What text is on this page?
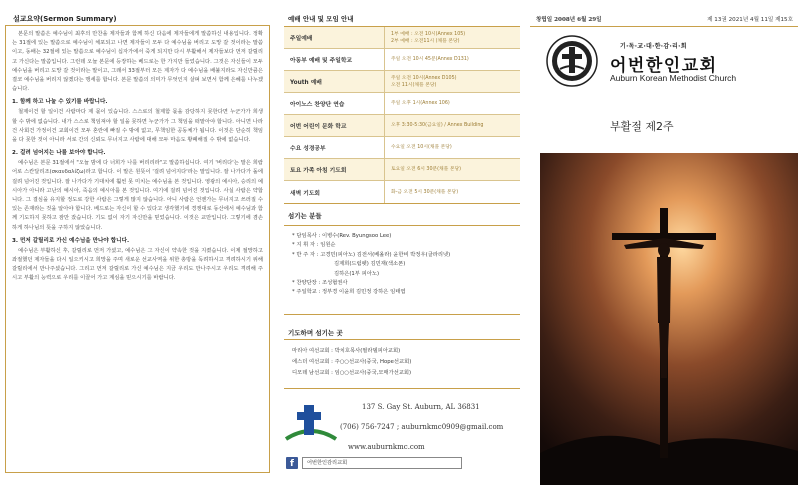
설교요약(Sermon Summary)

본문의 말씀은 예수님이 최후의 만찬을 제자들과 함께 하신 다음에 제자들에게 말씀하신 내용입니다. 정확는 31절에 있는 말씀으로 예수님이 체포되고 나면 제자들이 모두 다 예수님을 버리고 도망 갈 것이라는 말씀이고, 동배는 32절에 있는 말씀으로 예수님이 십자가에서 죽게 되지만 다시 부활해서 제자들보다 먼저 갈릴리고 가신다는 말씀입니다. 그런데 오늘 본문에 등장하는 베드로는 한 가지만 들었습니다. 그것은 자신들이 모두 예수님을 버리고 도망 갈 것이라는 말이고, 그래서 33절부터 모든 제자가 다 예수님을 배불지라도 자신만큼은 결코 예수님을 버리지 않겠다는 맹세를 합니다. 본문 말씀의 의미가 무엇인지 살펴 보면서 함께 은혜를 나누겠습니다.

1. 함께 하고 나눌 수 있기를 바랍니다.

철제이건 할 일이건 사람마다 제 몫이 있습니다. 스스로의 철제함 몫을 감당하지 못한다면 누군가가 희생 할 수 밖에 없습니다. 내가 스스로 책임져야 할 일을 못하면 누군가가 그 책임을 떠맡아야 합니다. 아니면 나라건 사회건 가정이건 교회이건 모두 혼란에 빠질 수 밖에 없고, 무책임한 공동체가 됩니다. 이것은 단순히 책임을 다 못한 것이 아니라 서로 간의 신뢰도 무너지고 사람에 대해 모두 마음도 황폐해질 수 밖에 없습니다.

2. 걸려 넘어지는 나를 보아야 합니다.

예수님은 본문 31절에서 "오늘 밤에 다 너희가 나를 버리리라"고 말씀하십니다. 여기 '버리다'는 말은 희랍어로 스칸달리조(σκανδαλίζω)라고 합니다. 이 말은 원뜻이 '걸려 넘어지다'라는 말입니다. 잘 나가다가 돌에 걸려 넘어진 것입니다. 잘 나가다가 기대치에 훨씬 못 미치는 예수님을 본 것입니다. 영광의 예시아, 승리의 예시아가 아니라 고난의 예시아, 죽음의 예시아를 본 것입니다. 여기에 걸려 넘어진 것입니다. 사실 사람은 약합니다. 그 결심을 유지할 정도로 강한 사람은 그렇게 많지 않습니다. 아니 사람은 언젠가는 무너지고 쓰러질 수 있는 존재라는 것을 알아야 합니다. 베드로는 자신이 할 수 있다고 생각했기에 경쟁대로 동산에서 예수님과 함께 기도하지 못하고 잠만 잤습니다. 기도 없이 자기 자신만을 믿었습니다. 이것은 교만입니다. 그렇기에 겸손하게 하나님의 뜻을 구하지 않았습니다.

3. 먼저 갈릴리로 가신 예수님을 만나야 합니다.

예수님은 부활하신 후, 갈릴리로 먼저 가셨고, 예수님은 그 자신이 약속한 것을 지켰습니다. 이제 절망하고 좌절했던 제자들을 다시 일으키시고 희망을 주며 새로운 선교사역을 위한 총방을 독려하시고 격려하시기 위해 갈릴리에서 만나주셨습니다. 그리고 먼저 갈릴리로 가신 예수님은 지금 우리도 만나주시고 우리도 격려해 주시고 부활의 능력으로 우리를 이끌어 가고 계심을 믿으시기를 바랍니다.

예배 안내 및 모임 안내
주일예배
1부 예배 : 오전 10시(Annex 105)
2부 예배 : 오전11시 (채플 본당)
아동부 예배 및 주일학교	주일 오전 10시 45분(Annex D131)
Youth 예배
주일 오전 10시(Annex D105)
오전 11시(채플 본당)
아이노스 찬양단 연습	주일 오후 1시(Annex 106)
어번 어린이 문화 학교	오후 3:30-5:30(금요일) / Annex Building
수요 성경공부	수요일 오전 10시(채플 본당)
토요 가족 아침 기도회	토요일 오전 6시 30분(채플 본당)
새벽 기도회	화-금 오전 5시 30분(채플 본당)
섬기는 분들
* 담임목사 : 이병수(Rev. Byungsoo Lee)
* 지 휘 자 : 임원순
* 반 주 자 : 고경민(피아노) 김전서(베올라) 윤한비 박정우(클라리넷)
김제희(드럼펫) 김민재(색소폰)
김하은(1부 피아노)
* 찬양단장 : 조성협권사
* 주일학교 : 정부경 이윤희 김민정 강하은 임태엽
기도하며 섬기는 곳
마리아 여선교회 : 박치호목사(필라델피아교회)
에스더 여선교회 : 주○○선교사(중국, Hope선교회)
디모데 남선교회 : 임○○선교사(중국,모매가선교회)
137 S. Gay St. Auburn, AL 36831
(706) 756-7247 ; auburnkmc0909@gmail.com
www.auburnkmc.com
f	어번한인감리교회
창립일 2008년 6월 29일	제 13권 2021년 4월 11일 제15호
기·독·교·대·한·감·리·회
어번한인교회
Auburn Korean Methodist Church
부활절 제2주
